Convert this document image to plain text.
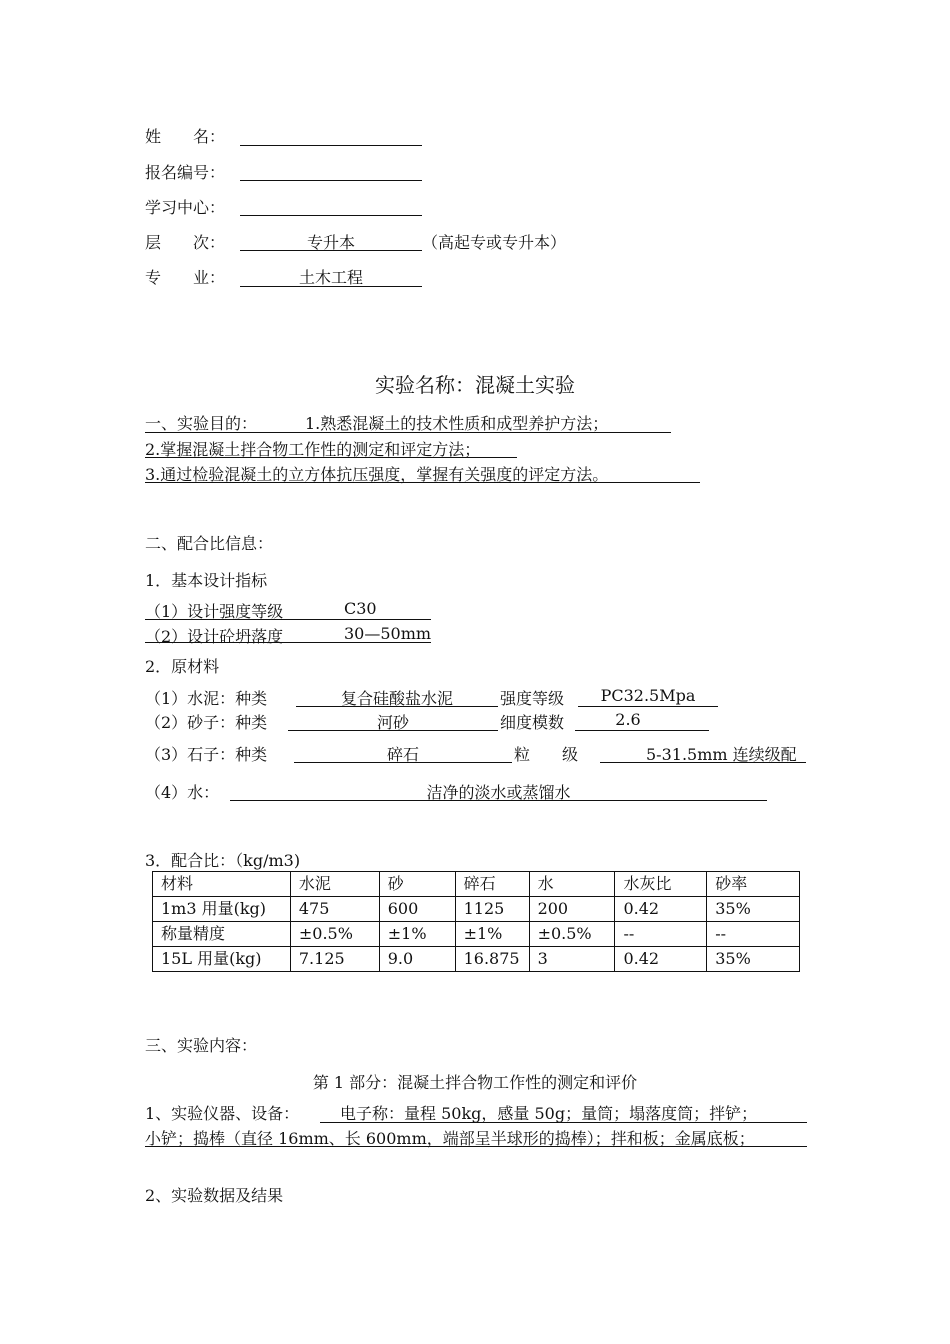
姓　　名：
报名编号：
学习中心：
层　　次：	专升本	（高起专或专升本）
专　　业：	土木工程
实验名称：混凝土实验
一、实验目的：	1.熟悉混凝土的技术性质和成型养护方法；
2.掌握混凝土拌合物工作性的测定和评定方法；
3.通过检验混凝土的立方体抗压强度，掌握有关强度的评定方法。
二、配合比信息：
1．基本设计指标
（1）设计强度等级	C30
（2）设计砼坍落度	30—50mm
2．原材料
（1）水泥：种类	复合硅酸盐水泥	强度等级	PC32.5Mpa
（2）砂子：种类	河砂	细度模数	2.6
（3）石子：种类	碎石	粒　　级	5-31.5mm 连续级配
（4）水：	洁净的淡水或蒸馏水
3．配合比：（kg/m3)
材料	水泥	砂	碎石	水	水灰比	砂率
1m3 用量(kg)	475	600	1125	200	0.42	35%
称量精度	±0.5%	±1%	±1%	±0.5%	--	--
15L 用量(kg)	7.125	9.0	16.875	3	0.42	35%
三、实验内容：
第 1 部分：混凝土拌合物工作性的测定和评价
1、实验仪器、设备：	电子称：量程 50kg，感量 50g；量筒；塌落度筒；拌铲；
小铲；捣棒（直径 16mm、长 600mm，端部呈半球形的捣棒）；拌和板；金属底板；
2、实验数据及结果
